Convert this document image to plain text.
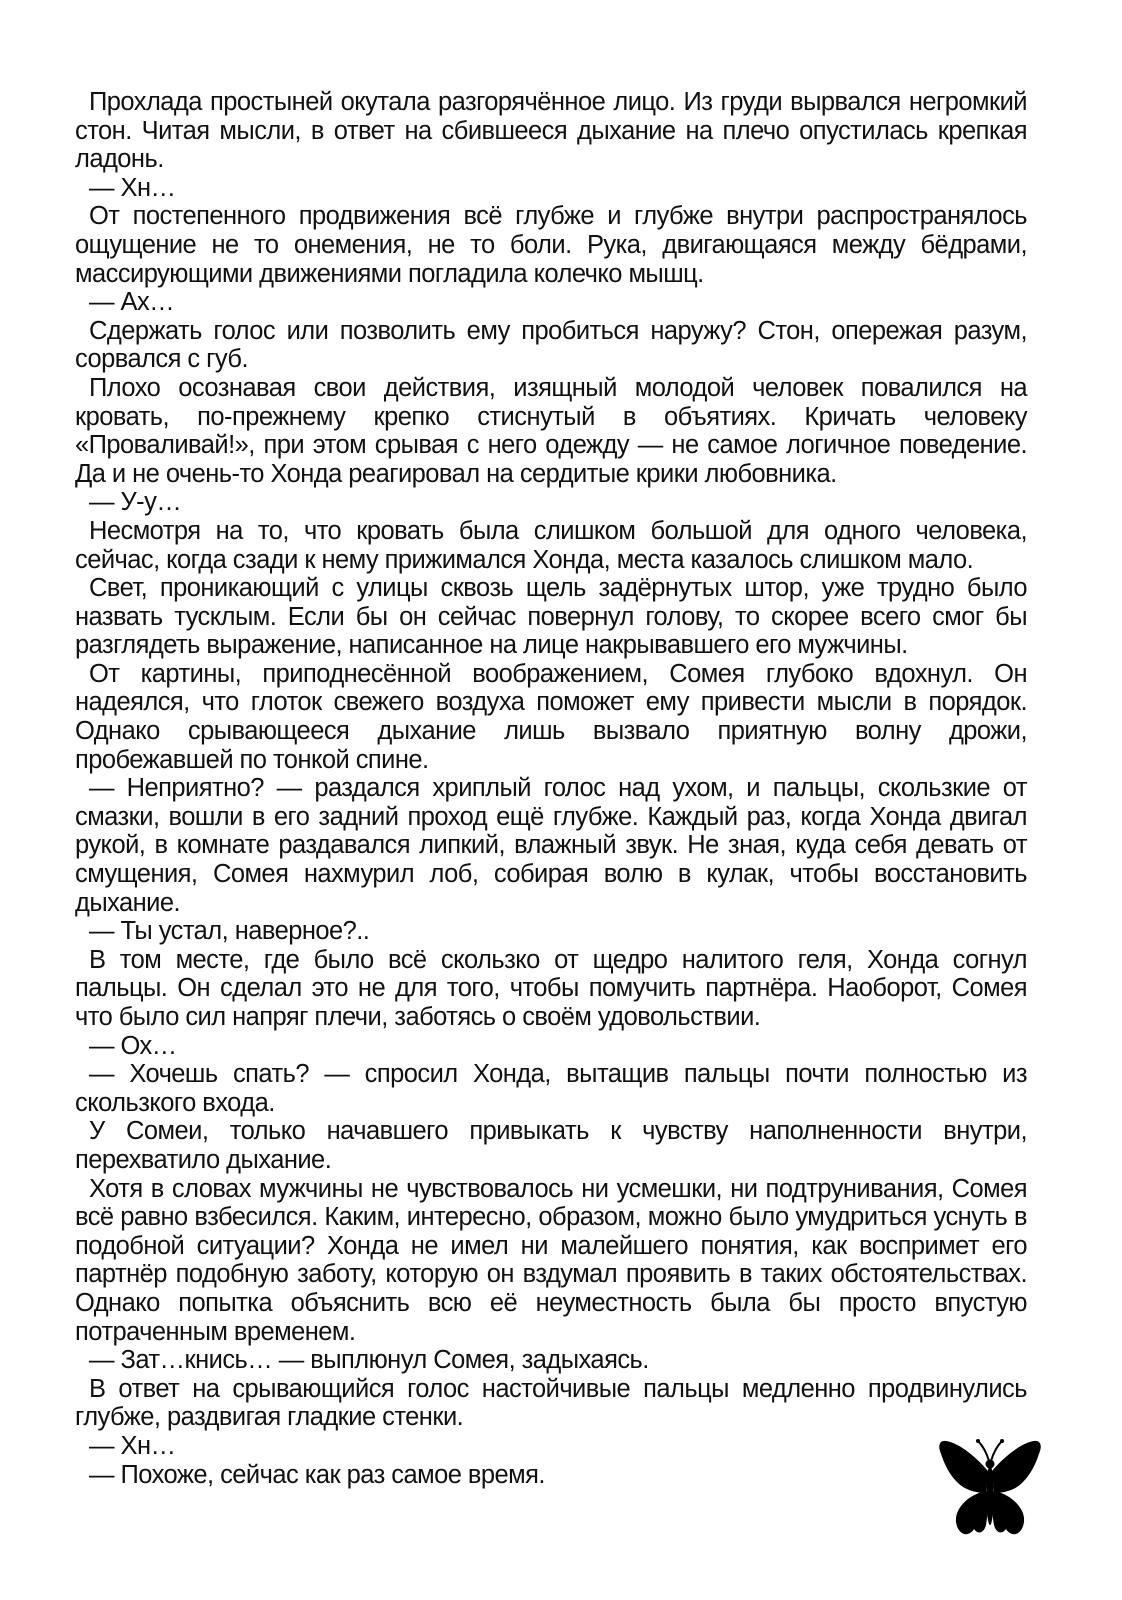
Прохлада простыней окутала разгорячённое лицо. Из груди вырвался негромкий стон. Читая мысли, в ответ на сбившееся дыхание на плечо опустилась крепкая ладонь.

— Хн…

От постепенного продвижения всё глубже и глубже внутри распространялось ощущение не то онемения, не то боли. Рука, двигающаяся между бёдрами, массирующими движениями погладила колечко мышц.

— Ах…

Сдержать голос или позволить ему пробиться наружу? Стон, опережая разум, сорвался с губ.

Плохо осознавая свои действия, изящный молодой человек повалился на кровать, по-прежнему крепко стиснутый в объятиях. Кричать человеку «Проваливай!», при этом срывая с него одежду — не самое логичное поведение. Да и не очень-то Хонда реагировал на сердитые крики любовника.

— У-у…

Несмотря на то, что кровать была слишком большой для одного человека, сейчас, когда сзади к нему прижимался Хонда, места казалось слишком мало.

Свет, проникающий с улицы сквозь щель задёрнутых штор, уже трудно было назвать тусклым. Если бы он сейчас повернул голову, то скорее всего смог бы разглядеть выражение, написанное на лице накрывавшего его мужчины.

От картины, приподнесённой воображением, Сомея глубоко вдохнул. Он надеялся, что глоток свежего воздуха поможет ему привести мысли в порядок. Однако срывающееся дыхание лишь вызвало приятную волну дрожи, пробежавшей по тонкой спине.

— Неприятно? — раздался хриплый голос над ухом, и пальцы, скользкие от смазки, вошли в его задний проход ещё глубже. Каждый раз, когда Хонда двигал рукой, в комнате раздавался липкий, влажный звук. Не зная, куда себя девать от смущения, Сомея нахмурил лоб, собирая волю в кулак, чтобы восстановить дыхание.

— Ты устал, наверное?..

В том месте, где было всё скользко от щедро налитого геля, Хонда согнул пальцы. Он сделал это не для того, чтобы помучить партнёра. Наоборот, Сомея что было сил напряг плечи, заботясь о своём удовольствии.

— Ох…

— Хочешь спать? — спросил Хонда, вытащив пальцы почти полностью из скользкого входа.

У Сомеи, только начавшего привыкать к чувству наполненности внутри, перехватило дыхание.

Хотя в словах мужчины не чувствовалось ни усмешки, ни подтрунивания, Сомея всё равно взбесился. Каким, интересно, образом, можно было умудриться уснуть в подобной ситуации? Хонда не имел ни малейшего понятия, как воспримет его партнёр подобную заботу, которую он вздумал проявить в таких обстоятельствах. Однако попытка объяснить всю её неуместность была бы просто впустую потраченным временем.

— Зат…кнись… — выплюнул Сомея, задыхаясь.

В ответ на срывающийся голос настойчивые пальцы медленно продвинулись глубже, раздвигая гладкие стенки.

— Хн…

— Похоже, сейчас как раз самое время.
